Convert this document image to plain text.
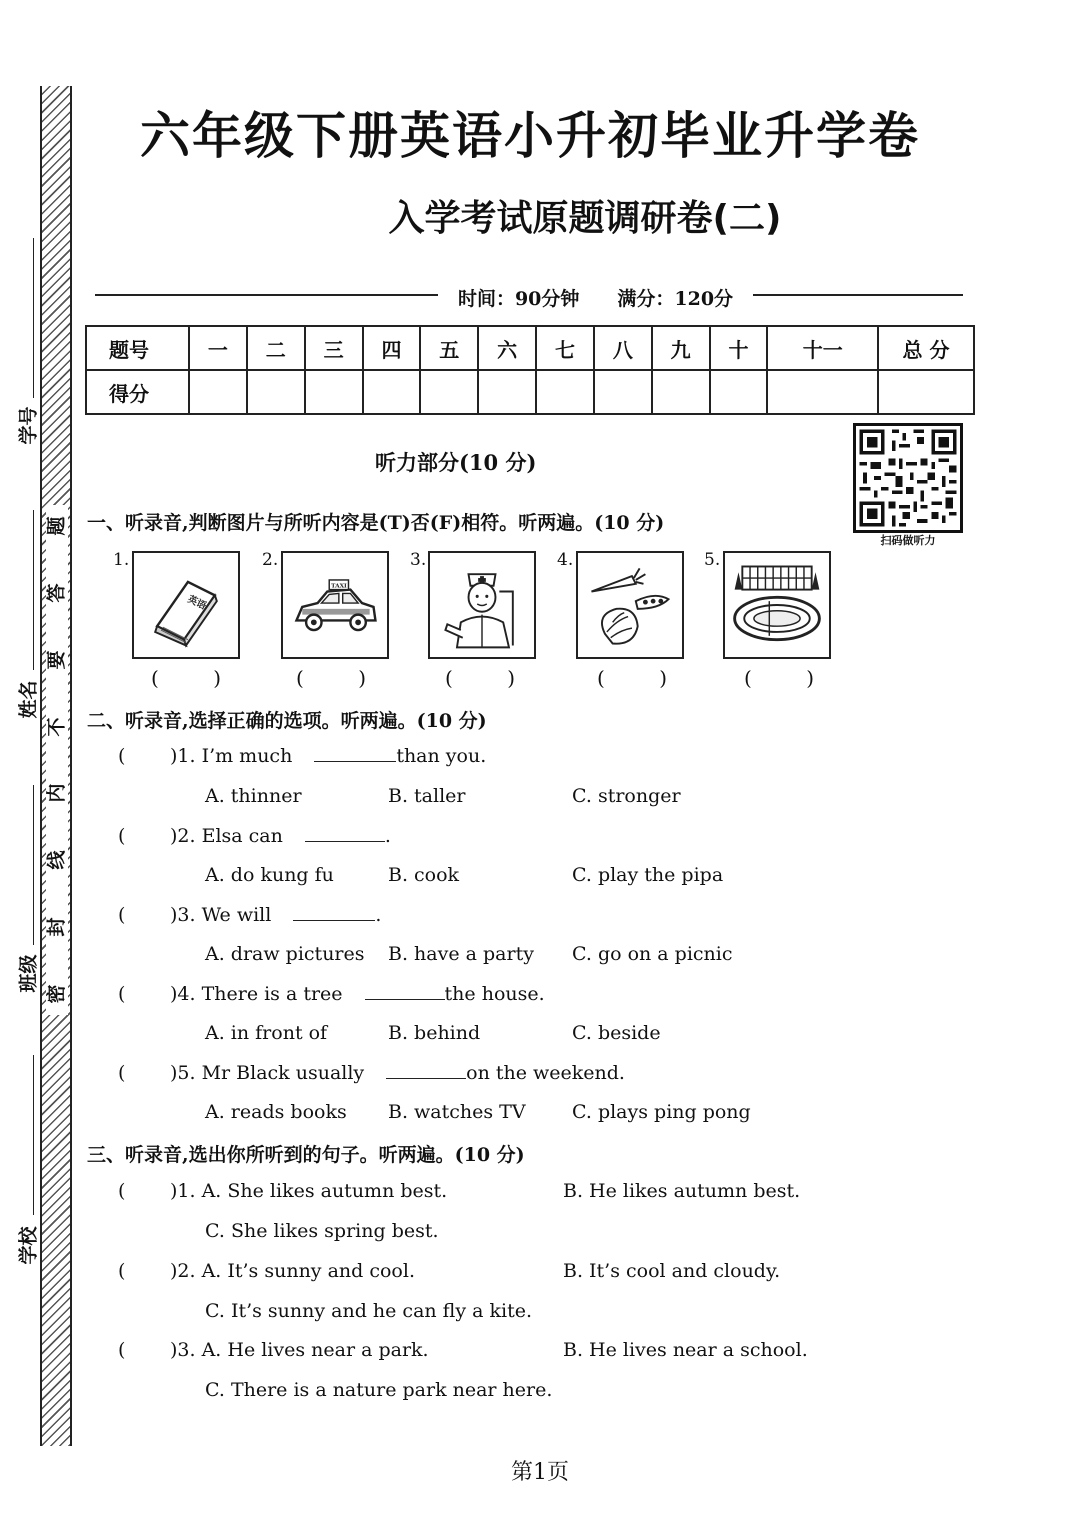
题
答
要
不
内
线
封
密
学号
姓名
班级
学校
六年级下册英语小升初毕业升学卷
入学考试原题调研卷(二)
时间：90分钟　　满分：120分
题号	一	二	三	四	五	六	七	八	九	十	十一	总 分
得分												
扫码做听力
听力部分(10 分)
一、听录音,判断图片与所听内容是(T)否(F)相符。听两遍。(10 分)
1.
英语
(	)
2.
TAXI
(	)
3.
(	)
4.
(	)
5.
(	)
二、听录音,选择正确的选项。听两遍。(10 分)
( )1. I’m much	than you.
A. thinner	B. taller	C. stronger
( )2. Elsa can	.
A. do kung fu	B. cook	C. play the pipa
( )3. We will	.
A. draw pictures B. have a party C. go on a picnic
( )4. There is a tree	the house.
A. in front of	B. behind	C. beside
( )5. Mr Black usually	on the weekend.
A. reads books B. watches TV C. plays ping pong
三、听录音,选出你所听到的句子。听两遍。(10 分)
( )1. A. She likes autumn best.	B. He likes autumn best.
C. She likes spring best.
( )2. A. It’s sunny and cool.	B. It’s cool and cloudy.
C. It’s sunny and he can fly a kite.
( )3. A. He lives near a park.	B. He lives near a school.
C. There is a nature park near here.
第1页
